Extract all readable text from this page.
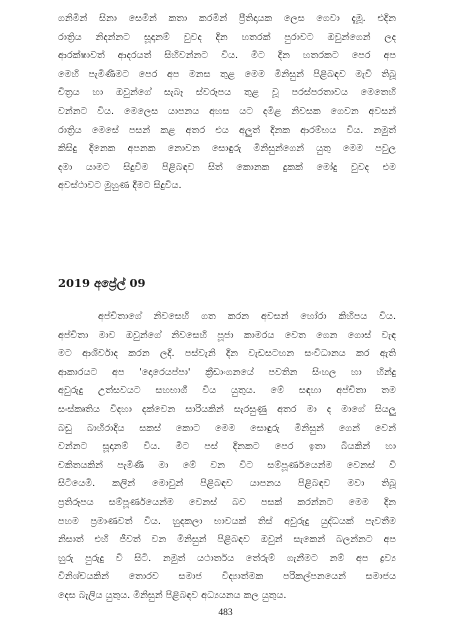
ගනිමින් සිනා සෙමින් කතා කරමින් ප්‍රීතිදායක ලෙස ගෙවා දැමූ. එදින
රාත්‍රිය නිදන්නට සූදානම් වුවද දින හතරක් පුරාවට ඔවුන්ගෙන් ලද
ආරක්ෂාවත් ආදරයත් සිහිවන්නට විය. මීට දින හතරකට පෙර අප
මෙහි පැමිණීමට පෙර අප මනස තුළ මෙම මිනිසුන් පිළිබඳව මැවී තිබූ
චිත්‍රය හා ඔවුන්ගේ සැබෑ ස්වරූපය තුළ වූ පරස්පරතාවය මෙතෙහි
වන්නට විය. මෙලෙස යාපනය අහස යට දමිළ නිවසක ගෙවන අවසන්
රාත්‍රිය මෙසේ පසන් කළ අතර එය අලුත් දිනක ආරම්භය විය. නමුත්
කිසිදු දිනෙක අපනක නොවන සොඳුරු මිනිසුන්ගෙන් යුතු මෙම පවුල
දමා යාමට සිදුවීම පිළිබඳව සිත් කොනක දුකක් මෝදු වුවද එම
අවස්ථාවට මුහුණ දීමට සිදුවිය.
2019 අප්‍රේල් 09
අප්චිතාගේ නිවසෙහි ගත කරන අවසන් හෝරා කිහිපය විය.
අප්චිතා මාව ඔවුන්ගේ නිවසෙහි පූජා කාමරය වෙත ගෙන ගොස් වැඳ
මට ආශිර්වාද කරන ලදි. පස්වැනි දින වැඩසටහන සංවිධානය කර ඇති
ආකාරයට අප 'දොරෙයප්පා' ක්‍රීඩාංගනයේ පවතින සිංහල හා හින්දු
අවුරුදු උත්සවයට සහභාගී විය යුතුය. මේ සඳහා අප්චිතා තම
සංස්කෘතිය විදහා දක්වෙන සාරියකින් සැරසුණු අතර මා ද මාගේ සියලු
බඩු බාහිරාදිය සකස් කොට මෙම සොඳුරු මිනිසුන් ගෙන් වෙන්
වන්නට සූදානම් විය. මීට පස් දිනකට පෙර ඉතා බියකින් හා
චකිතයකින් පැමිණි මා මේ වන විට සම්පූර්ණයෙන්ම වෙනස් වී
සිටියෙමි. කලින් මොවුන් පිළිබඳව යාපනය පිළිබඳව මවා තිබූ
ප්‍රතිරූපය සම්පූර්ණයෙන්ම වෙනස් බව පසක් කරන්නට මෙම දින
පහම ප්‍රමාණවත් විය. හුදකලා භාවයක් තිස් අවුරුදු යුද්ධයක් පැවතීම
නිසාත් එහි ජීවත් වන මිනිසුන් පිළිබඳව ඔවුන් සැකෙන් බලන්නට අප
හුරු පුරුදු වී සිටි. නමුත් යථාර්තය තේරුම් ගැනීමට නම් අප ද්‍රව්‍ය
විනිශ්චයකින් තොරව සමාජ විද්‍යාත්මක පරිකල්පනයෙන් සමාජය
දෙස බැලිය යුතුය. මිනිසුන් පිළිබඳව අධ්‍යයනය කල යුතුය.
483
